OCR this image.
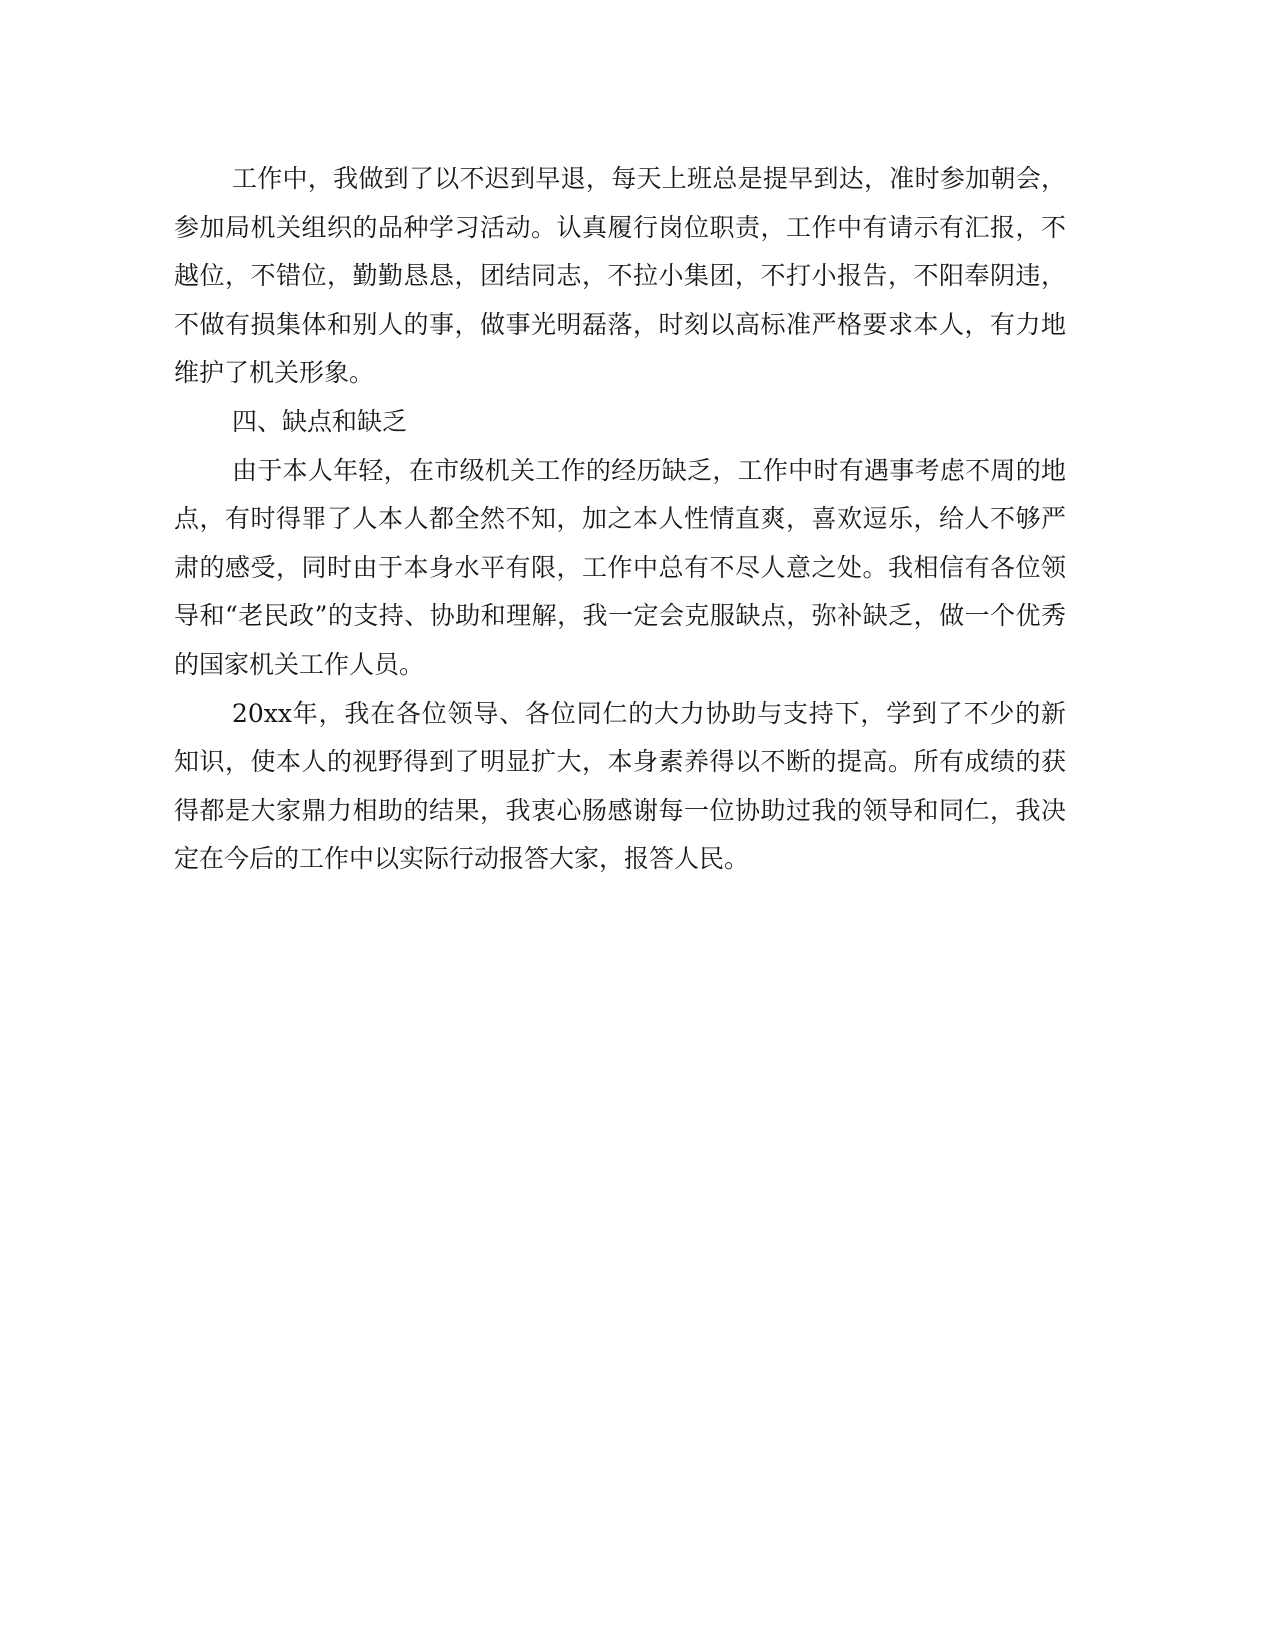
工作中，我做到了以不迟到早退，每天上班总是提早到达，准时参加朝会，参加局机关组织的品种学习活动。认真履行岗位职责，工作中有请示有汇报，不越位，不错位，勤勤恳恳，团结同志，不拉小集团，不打小报告，不阳奉阴违，不做有损集体和别人的事，做事光明磊落，时刻以高标准严格要求本人，有力地维护了机关形象。

四、缺点和缺乏

由于本人年轻，在市级机关工作的经历缺乏，工作中时有遇事考虑不周的地点，有时得罪了人本人都全然不知，加之本人性情直爽，喜欢逗乐，给人不够严肃的感受，同时由于本身水平有限，工作中总有不尽人意之处。我相信有各位领导和“老民政”的支持、协助和理解，我一定会克服缺点，弥补缺乏，做一个优秀的国家机关工作人员。

20xx年，我在各位领导、各位同仁的大力协助与支持下，学到了不少的新知识，使本人的视野得到了明显扩大，本身素养得以不断的提高。所有成绩的获得都是大家鼎力相助的结果，我衷心肠感谢每一位协助过我的领导和同仁，我决定在今后的工作中以实际行动报答大家，报答人民。
